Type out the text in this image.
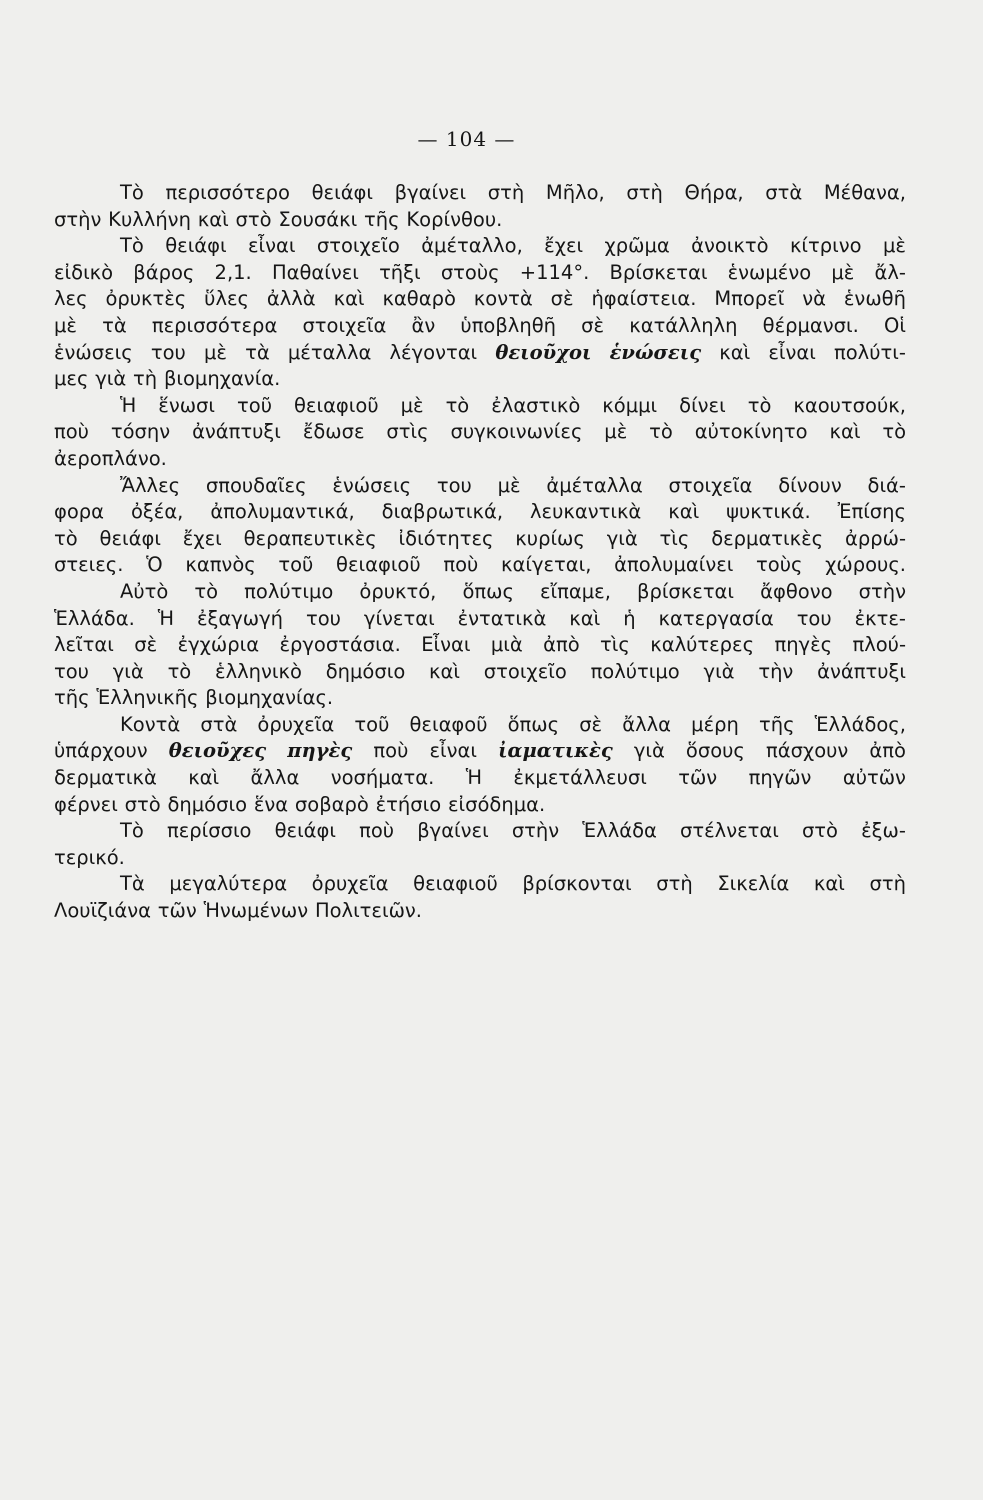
— 104 —
Τὸ περισσότερο θειάφι βγαίνει στὴ Μῆλο, στὴ Θήρα, στὰ Μέθανα,
στὴν Κυλλήνη καὶ στὸ Σουσάκι τῆς Κορίνθου.
Τὸ θειάφι εἶναι στοιχεῖο ἀμέταλλο, ἔχει χρῶμα ἀνοικτὸ κίτρινο μὲ
εἰδικὸ βάρος 2,1. Παθαίνει τῆξι στοὺς +114°. Βρίσκεται ἑνωμένο μὲ ἄλ-
λες ὀρυκτὲς ὕλες ἀλλὰ καὶ καθαρὸ κοντὰ σὲ ἡφαίστεια. Μπορεῖ νὰ ἑνωθῆ
μὲ τὰ περισσότερα στοιχεῖα ἂν ὑποβληθῆ σὲ κατάλληλη θέρμανσι. Οἱ
ἑνώσεις του μὲ τὰ μέταλλα λέγονται θειοῦχοι ἑνώσεις καὶ εἶναι πολύτι-
μες γιὰ τὴ βιομηχανία.
Ἡ ἕνωσι τοῦ θειαφιοῦ μὲ τὸ ἐλαστικὸ κόμμι δίνει τὸ καουτσούκ,
ποὺ τόσην ἀνάπτυξι ἔδωσε στὶς συγκοινωνίες μὲ τὸ αὐτοκίνητο καὶ τὸ
ἀεροπλάνο.
Ἄλλες σπουδαῖες ἑνώσεις του μὲ ἀμέταλλα στοιχεῖα δίνουν διά-
φορα ὀξέα, ἀπολυμαντικά, διαβρωτικά, λευκαντικὰ καὶ ψυκτικά. Ἐπίσης
τὸ θειάφι ἔχει θεραπευτικὲς ἰδιότητες κυρίως γιὰ τὶς δερματικὲς ἀρρώ-
στειες. Ὁ καπνὸς τοῦ θειαφιοῦ ποὺ καίγεται, ἀπολυμαίνει τοὺς χώρους.
Αὐτὸ τὸ πολύτιμο ὀρυκτό, ὅπως εἴπαμε, βρίσκεται ἄφθονο στὴν
Ἑλλάδα. Ἡ ἐξαγωγή του γίνεται ἐντατικὰ καὶ ἡ κατεργασία του ἐκτε-
λεῖται σὲ ἐγχώρια ἐργοστάσια. Εἶναι μιὰ ἀπὸ τὶς καλύτερες πηγὲς πλού-
του γιὰ τὸ ἑλληνικὸ δημόσιο καὶ στοιχεῖο πολύτιμο γιὰ τὴν ἀνάπτυξι
τῆς Ἑλληνικῆς βιομηχανίας.
Κοντὰ στὰ ὀρυχεῖα τοῦ θειαφοῦ ὅπως σὲ ἄλλα μέρη τῆς Ἑλλάδος,
ὑπάρχουν θειοῦχες πηγὲς ποὺ εἶναι ἰαματικὲς γιὰ ὅσους πάσχουν ἀπὸ
δερματικὰ καὶ ἄλλα νοσήματα. Ἡ ἐκμετάλλευσι τῶν πηγῶν αὐτῶν
φέρνει στὸ δημόσιο ἕνα σοβαρὸ ἐτήσιο εἰσόδημα.
Τὸ περίσσιο θειάφι ποὺ βγαίνει στὴν Ἑλλάδα στέλνεται στὸ ἐξω-
τερικό.
Τὰ μεγαλύτερα ὀρυχεῖα θειαφιοῦ βρίσκονται στὴ Σικελία καὶ στὴ
Λουϊζιάνα τῶν Ἡνωμένων Πολιτειῶν.
